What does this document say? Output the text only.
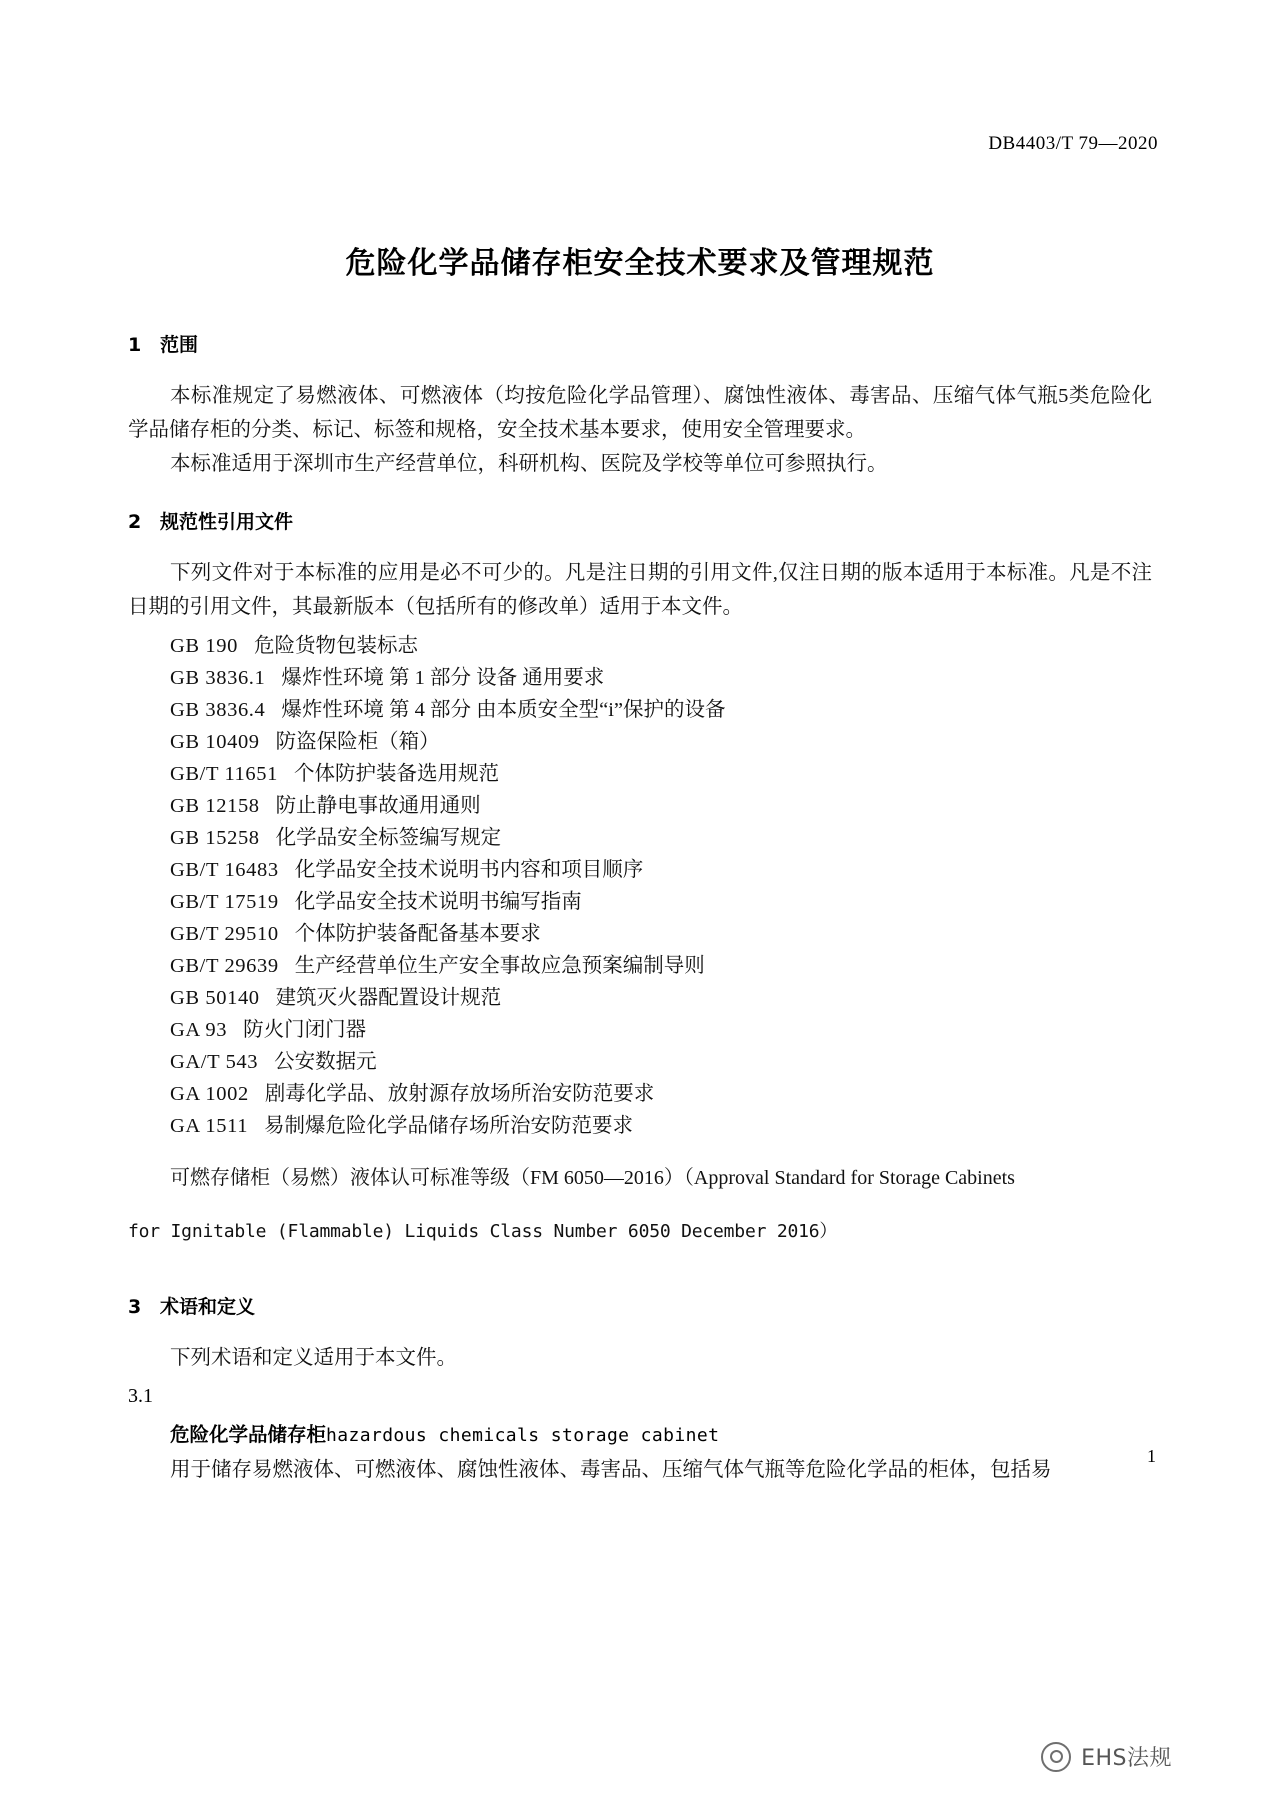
DB4403/T 79—2020
危险化学品储存柜安全技术要求及管理规范
1 范围

本标准规定了易燃液体、可燃液体（均按危险化学品管理）、腐蚀性液体、毒害品、压缩气体气瓶5类危险化学品储存柜的分类、标记、标签和规格，安全技术基本要求，使用安全管理要求。

本标准适用于深圳市生产经营单位，科研机构、医院及学校等单位可参照执行。

2 规范性引用文件

下列文件对于本标准的应用是必不可少的。凡是注日期的引用文件,仅注日期的版本适用于本标准。凡是不注日期的引用文件，其最新版本（包括所有的修改单）适用于本文件。

GB 190 危险货物包装标志
GB 3836.1 爆炸性环境 第 1 部分 设备 通用要求
GB 3836.4 爆炸性环境 第 4 部分 由本质安全型“i”保护的设备
GB 10409 防盗保险柜（箱）
GB/T 11651 个体防护装备选用规范
GB 12158 防止静电事故通用通则
GB 15258 化学品安全标签编写规定
GB/T 16483 化学品安全技术说明书内容和项目顺序
GB/T 17519 化学品安全技术说明书编写指南
GB/T 29510 个体防护装备配备基本要求
GB/T 29639 生产经营单位生产安全事故应急预案编制导则
GB 50140 建筑灭火器配置设计规范
GA 93 防火门闭门器
GA/T 543 公安数据元
GA 1002 剧毒化学品、放射源存放场所治安防范要求
GA 1511 易制爆危险化学品储存场所治安防范要求

可燃存储柜（易燃）液体认可标准等级（FM 6050—2016）（Approval Standard for Storage Cabinets

for Ignitable (Flammable) Liquids Class Number 6050 December 2016）

3 术语和定义

下列术语和定义适用于本文件。

3.1

危险化学品储存柜hazardous chemicals storage cabinet

用于储存易燃液体、可燃液体、腐蚀性液体、毒害品、压缩气体气瓶等危险化学品的柜体，包括易

1
EHS法规
